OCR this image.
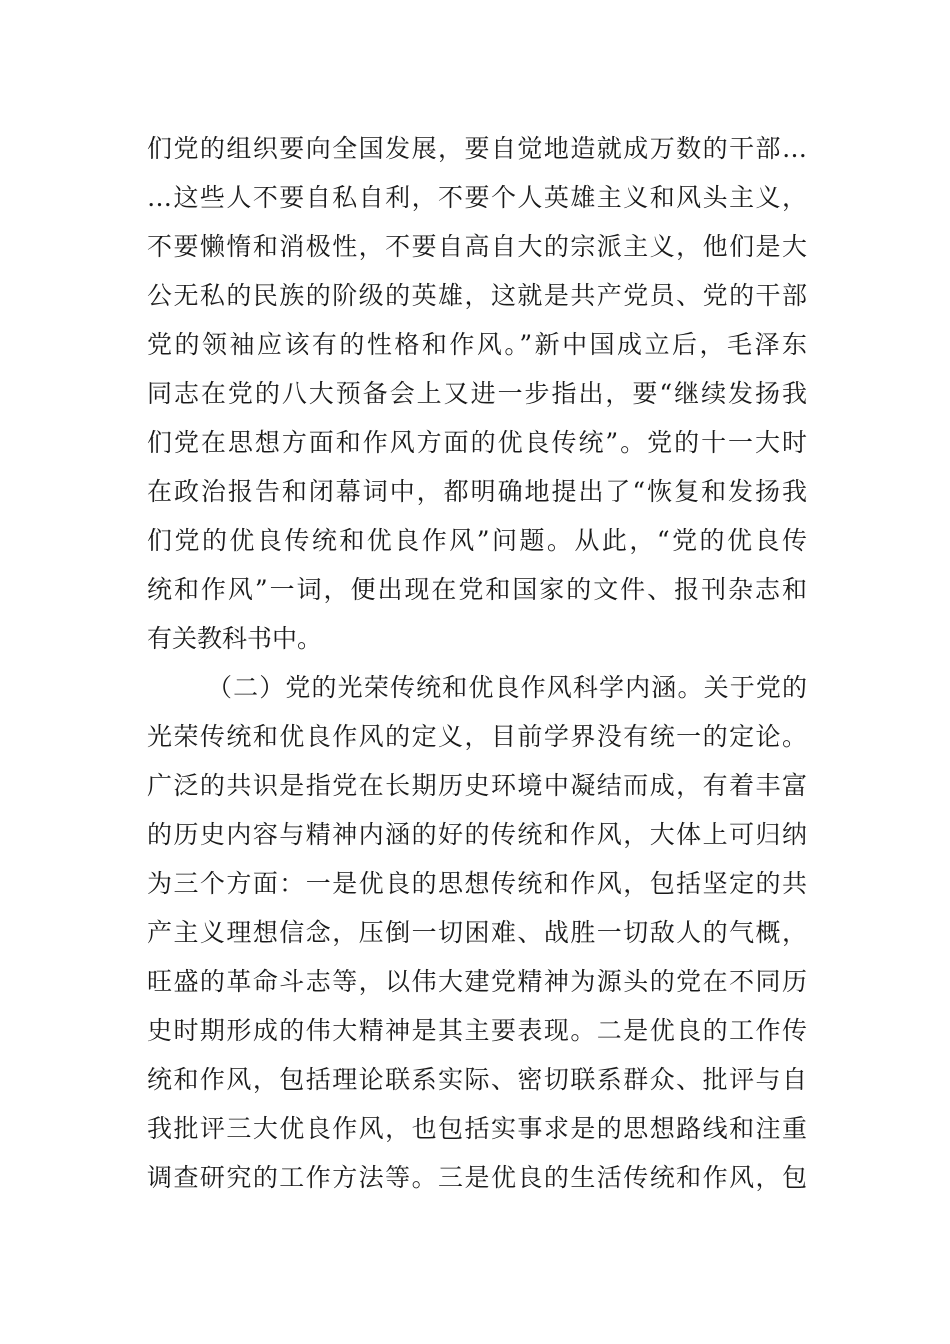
们党的组织要向全国发展，要自觉地造就成万数的干部…
…这些人不要自私自利，不要个人英雄主义和风头主义，
不要懒惰和消极性，不要自高自大的宗派主义，他们是大
公无私的民族的阶级的英雄，这就是共产党员、党的干部
党的领袖应该有的性格和作风。”新中国成立后，毛泽东
同志在党的八大预备会上又进一步指出，要“继续发扬我
们党在思想方面和作风方面的优良传统”。党的十一大时
在政治报告和闭幕词中，都明确地提出了“恢复和发扬我
们党的优良传统和优良作风”问题。从此，“党的优良传
统和作风”一词，便出现在党和国家的文件、报刊杂志和
有关教科书中。
（二）党的光荣传统和优良作风科学内涵。关于党的
光荣传统和优良作风的定义，目前学界没有统一的定论。
广泛的共识是指党在长期历史环境中凝结而成，有着丰富
的历史内容与精神内涵的好的传统和作风，大体上可归纳
为三个方面：一是优良的思想传统和作风，包括坚定的共
产主义理想信念，压倒一切困难、战胜一切敌人的气概，
旺盛的革命斗志等，以伟大建党精神为源头的党在不同历
史时期形成的伟大精神是其主要表现。二是优良的工作传
统和作风，包括理论联系实际、密切联系群众、批评与自
我批评三大优良作风，也包括实事求是的思想路线和注重
调查研究的工作方法等。三是优良的生活传统和作风，包
